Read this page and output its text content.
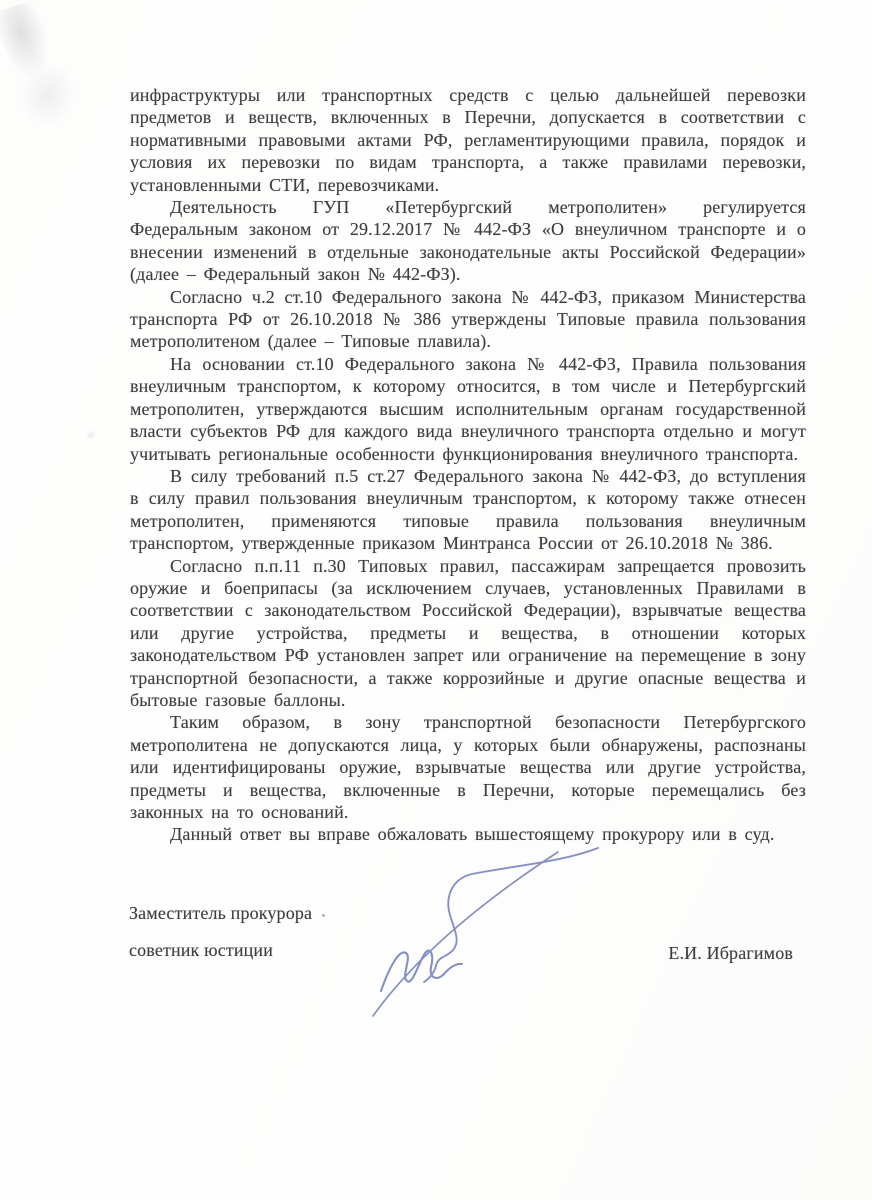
инфраструктуры или транспортных средств с целью дальнейшей перевозки предметов и веществ, включенных в Перечни, допускается в соответствии с нормативными правовыми актами РФ, регламентирующими правила, порядок и условия их перевозки по видам транспорта, а также правилами перевозки, установленными СТИ, перевозчиками.

Деятельность ГУП «Петербургский метрополитен» регулируется Федеральным законом от 29.12.2017 № 442-ФЗ «О внеуличном транспорте и о внесении изменений в отдельные законодательные акты Российской Федерации» (далее – Федеральный закон № 442-ФЗ).

Согласно ч.2 ст.10 Федерального закона № 442-ФЗ, приказом Министерства транспорта РФ от 26.10.2018 № 386 утверждены Типовые правила пользования метрополитеном (далее – Типовые плавила).

На основании ст.10 Федерального закона № 442-ФЗ, Правила пользования внеуличным транспортом, к которому относится, в том числе и Петербургский метрополитен, утверждаются высшим исполнительным органам государственной власти субъектов РФ для каждого вида внеуличного транспорта отдельно и могут учитывать региональные особенности функционирования внеуличного транспорта.

В силу требований п.5 ст.27 Федерального закона № 442-ФЗ, до вступления в силу правил пользования внеуличным транспортом, к которому также отнесен метрополитен, применяются типовые правила пользования внеуличным транспортом, утвержденные приказом Минтранса России от 26.10.2018 № 386.

Согласно п.п.11 п.30 Типовых правил, пассажирам запрещается провозить оружие и боеприпасы (за исключением случаев, установленных Правилами в соответствии с законодательством Российской Федерации), взрывчатые вещества или другие устройства, предметы и вещества, в отношении которых законодательством РФ установлен запрет или ограничение на перемещение в зону транспортной безопасности, а также коррозийные и другие опасные вещества и бытовые газовые баллоны.

Таким образом, в зону транспортной безопасности Петербургского метрополитена не допускаются лица, у которых были обнаружены, распознаны или идентифицированы оружие, взрывчатые вещества или другие устройства, предметы и вещества, включенные в Перечни, которые перемещались без законных на то оснований.

Данный ответ вы вправе обжаловать вышестоящему прокурору или в суд.

Заместитель прокурора
советник юстиции	Е.И. Ибрагимов
